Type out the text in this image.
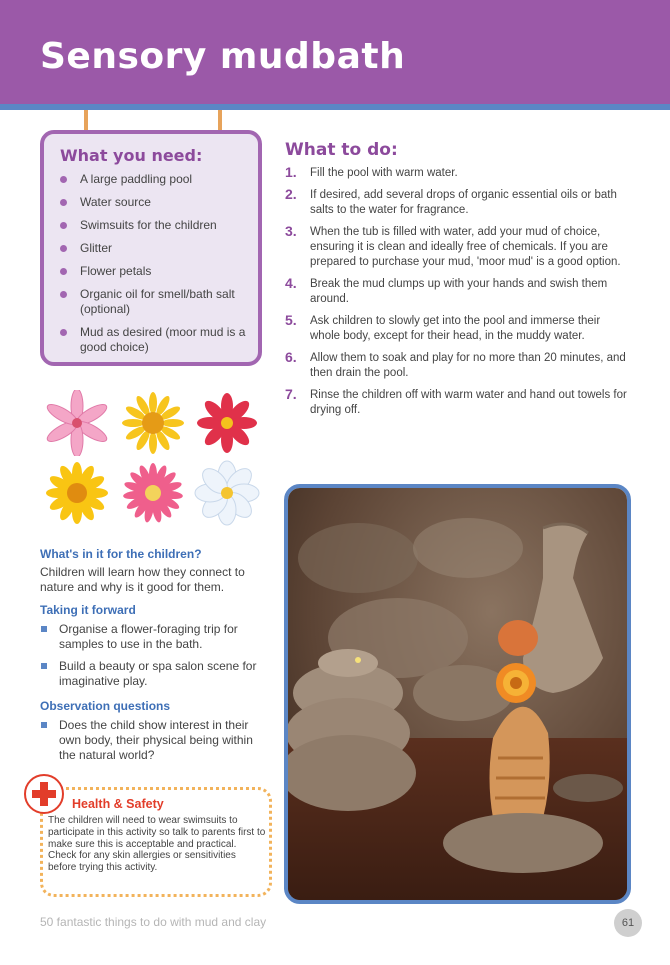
Sensory mudbath
What you need:
A large paddling pool
Water source
Swimsuits for the children
Glitter
Flower petals
Organic oil for smell/bath salt (optional)
Mud as desired (moor mud is a good choice)
What to do:
1. Fill the pool with warm water.
2. If desired, add several drops of organic essential oils or bath salts to the water for fragrance.
3. When the tub is filled with water, add your mud of choice, ensuring it is clean and ideally free of chemicals. If you are prepared to purchase your mud, 'moor mud' is a good option.
4. Break the mud clumps up with your hands and swish them around.
5. Ask children to slowly get into the pool and immerse their whole body, except for their head, in the muddy water.
6. Allow them to soak and play for no more than 20 minutes, and then drain the pool.
7. Rinse the children off with warm water and hand out towels for drying off.
What's in it for the children?
Children will learn how they connect to nature and why is it good for them.
Taking it forward
Organise a flower-foraging trip for samples to use in the bath.
Build a beauty or spa salon scene for imaginative play.
Observation questions
Does the child show interest in their own body, their physical being within the natural world?
Health & Safety
The children will need to wear swimsuits to participate in this activity so talk to parents first to make sure this is acceptable and practical. Check for any skin allergies or sensitivities before trying this activity.
50 fantastic things to do with mud and clay	61
